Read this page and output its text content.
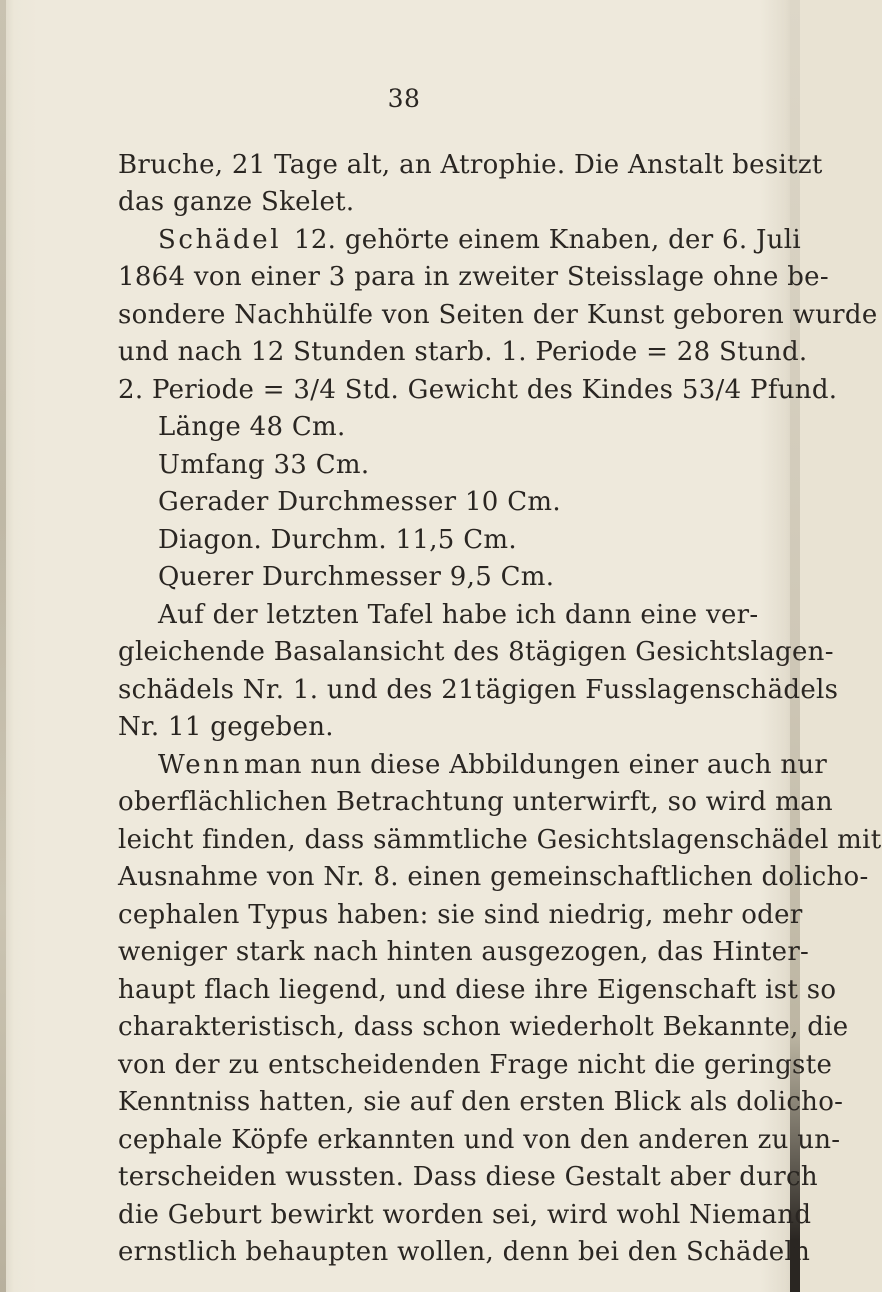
38
Bruche, 21 Tage alt, an Atrophie. Die Anstalt besitzt
das ganze Skelet.
Schädel 12. gehörte einem Knaben, der 6. Juli
1864 von einer 3 para in zweiter Steisslage ohne be-
sondere Nachhülfe von Seiten der Kunst geboren wurde
und nach 12 Stunden starb. 1. Periode = 28 Stund.
2. Periode = 3/4 Std. Gewicht des Kindes 53/4 Pfund.
Länge 48 Cm.
Umfang 33 Cm.
Gerader Durchmesser 10 Cm.
Diagon. Durchm. 11,5 Cm.
Querer Durchmesser 9,5 Cm.
Auf der letzten Tafel habe ich dann eine ver-
gleichende Basalansicht des 8tägigen Gesichtslagen-
schädels Nr. 1. und des 21tägigen Fusslagenschädels
Nr. 11 gegeben.
Wenn man nun diese Abbildungen einer auch nur
oberflächlichen Betrachtung unterwirft, so wird man
leicht finden, dass sämmtliche Gesichtslagenschädel mit
Ausnahme von Nr. 8. einen gemeinschaftlichen dolicho-
cephalen Typus haben: sie sind niedrig, mehr oder
weniger stark nach hinten ausgezogen, das Hinter-
haupt flach liegend, und diese ihre Eigenschaft ist so
charakteristisch, dass schon wiederholt Bekannte, die
von der zu entscheidenden Frage nicht die geringste
Kenntniss hatten, sie auf den ersten Blick als dolicho-
cephale Köpfe erkannten und von den anderen zu un-
terscheiden wussten. Dass diese Gestalt aber durch
die Geburt bewirkt worden sei, wird wohl Niemand
ernstlich behaupten wollen, denn bei den Schädeln
